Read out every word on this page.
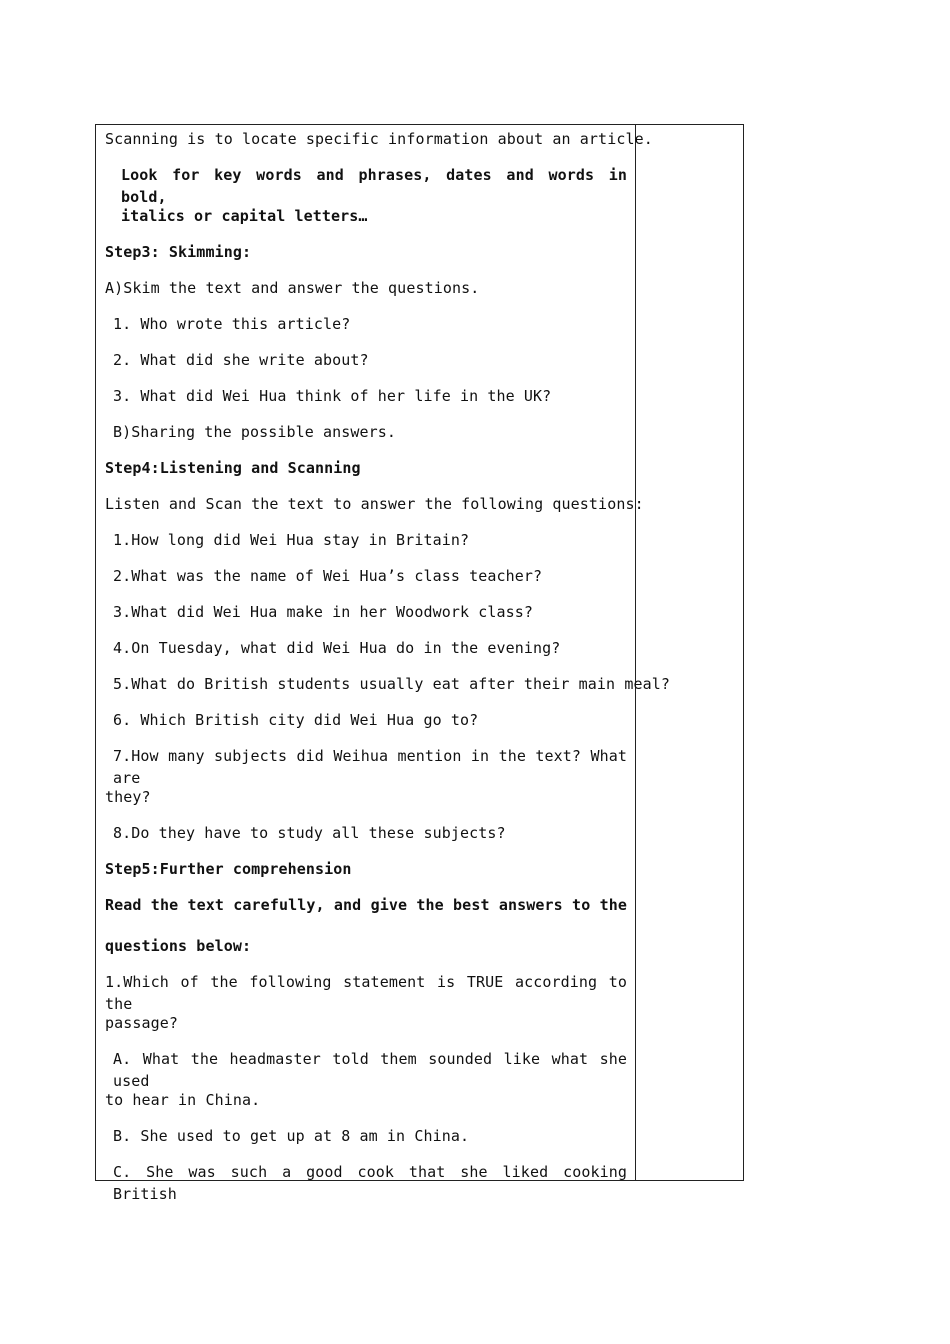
Scanning is to locate specific information about an article.
Look for key words and phrases, dates and words in bold,
italics or capital letters…
Step3: Skimming:
A)Skim the text and answer the questions.
1. Who wrote this article?
2. What did she write about?
3. What did Wei Hua think of her life in the UK?
B)Sharing the possible answers.
Step4:Listening and Scanning
Listen and Scan the text to answer the following questions:
1.How long did Wei Hua stay in Britain?
2.What was the name of Wei Hua’s class teacher?
3.What did Wei Hua make in her Woodwork class?
4.On Tuesday, what did Wei Hua do in the evening?
5.What do British students usually eat after their main meal?
6. Which British city did Wei Hua go to?
7.How many subjects did Weihua mention in the text? What are
they?
8.Do they have to study all these subjects?
Step5:Further comprehension
Read the text carefully, and give the best answers to the
questions below:
1.Which of the following statement is TRUE according to the
passage?
A. What the headmaster told them sounded like what she used
to hear in China.
B. She used to get up at 8 am in China.
C. She was such a good cook that she liked cooking British
